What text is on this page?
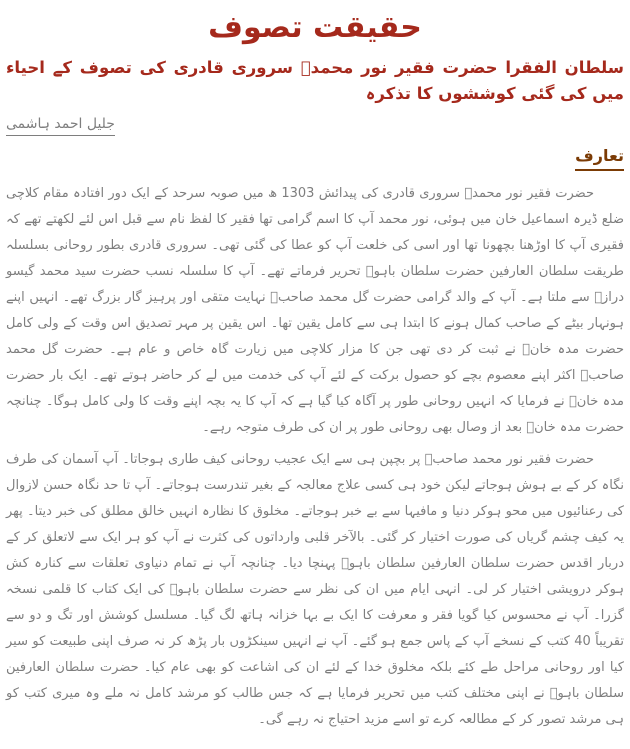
حقیقت تصوف
سلطان الفقرا حضرت فقیر نور محمدؒ سروری قادری کی تصوف کے احیاء میں کی گئی کوششوں کا تذکرہ
جلیل احمد ہاشمی
تعارف

حضرت فقیر نور محمدؒ سروری قادری کی پیدائش 1303 ھ میں صوبہ سرحد کے ایک دور افتادہ مقام کلاچی ضلع ڈیرہ اسماعیل خان میں ہوئی، نور محمد آپ کا اسم گرامی تھا فقیر کا لفظ نام سے قبل اس لئے لکھتے تھے کہ فقیری آپ کا اوڑھنا بچھونا تھا اور اسی کی خلعت آپ کو عطا کی گئی تھی۔ سروری قادری بطور روحانی بسلسلہ طریقت سلطان العارفین حضرت سلطان باہوؒ تحریر فرماتے تھے۔ آپ کا سلسلہ نسب حضرت سید محمد گیسو درازؒ سے ملتا ہے۔ آپ کے والد گرامی حضرت گل محمد صاحبؒ نہایت متقی اور پرہیز گار بزرگ تھے۔ انہیں اپنے ہونہار بیٹے کے صاحب کمال ہونے کا ابتدا ہی سے کامل یقین تھا۔ اس یقین پر مہر تصدیق اس وقت کے ولی کامل حضرت مدہ خانؒ نے ثبت کر دی تھی جن کا مزار کلاچی میں زیارت گاہ خاص و عام ہے۔ حضرت گل محمد صاحبؒ اکثر اپنے معصوم بچے کو حصول برکت کے لئے آپ کی خدمت میں لے کر حاضر ہوتے تھے۔ ایک بار حضرت مدہ خانؒ نے فرمایا کہ انہیں روحانی طور پر آگاہ کیا گیا ہے کہ آپ کا یہ بچہ اپنے وقت کا ولی کامل ہوگا۔ چنانچہ حضرت مدہ خانؒ بعد از وصال بھی روحانی طور پر ان کی طرف متوجہ رہے۔

حضرت فقیر نور محمد صاحبؒ پر بچپن ہی سے ایک عجیب روحانی کیف طاری ہوجاتا۔ آپ آسمان کی طرف نگاہ کر کے بے ہوش ہوجاتے لیکن خود ہی کسی علاج معالجہ کے بغیر تندرست ہوجاتے۔ آپ تا حد نگاہ حسن لازوال کی رعنائیوں میں محو ہوکر دنیا و مافیہا سے بے خبر ہوجاتے۔ مخلوق کا نظارہ انہیں خالق مطلق کی خبر دیتا۔ پھر یہ کیف چشم گریاں کی صورت اختیار کر گئی۔ بالآخر قلبی وارداتوں کی کثرت نے آپ کو ہر ایک سے لاتعلق کر کے دربار اقدس حضرت سلطان العارفین سلطان باہوؒ پہنچا دیا۔ چنانچہ آپ نے تمام دنیاوی تعلقات سے کنارہ کش ہوکر درویشی اختیار کر لی۔ انہی ایام میں ان کی نظر سے حضرت سلطان باہوؒ کی ایک کتاب کا قلمی نسخہ گزرا۔ آپ نے محسوس کیا گویا فقر و معرفت کا ایک بے بہا خزانہ ہاتھ لگ گیا۔ مسلسل کوشش اور تگ و دو سے تقریباً 40 کتب کے نسخے آپ کے پاس جمع ہو گئے۔ آپ نے انہیں سینکڑوں بار پڑھ کر نہ صرف اپنی طبیعت کو سیر کیا اور روحانی مراحل طے کئے بلکہ مخلوق خدا کے لئے ان کی اشاعت کو بھی عام کیا۔ حضرت سلطان العارفین سلطان باہوؒ نے اپنی مختلف کتب میں تحریر فرمایا ہے کہ جس طالب کو مرشد کامل نہ ملے وہ میری کتب کو ہی مرشد تصور کر کے مطالعہ کرے تو اسے مزید احتیاج نہ رہے گی۔
